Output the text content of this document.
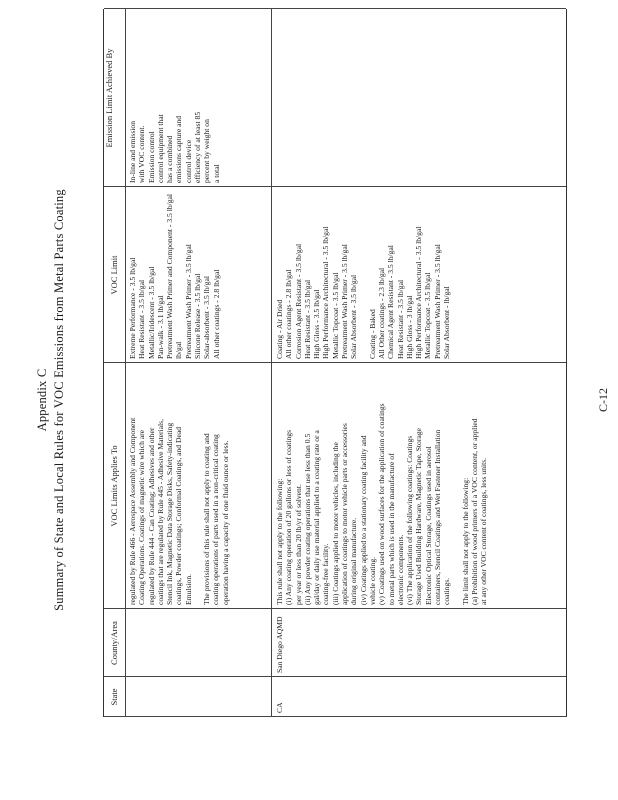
Appendix C Summary of State and Local Rules for VOC Emissions from Metal Parts Coating
State
County/Area
VOC Limits Applies To
VOC Limit
Emission Limit Achieved By

regulated by Rule 466 - Aerospace Assembly and Component Coating Operations. Coatings of magnetic wire which are regulated by Rule 444 - Can Coating; Adhesives and other coatings that are regulated by Rule 445 - Adhesive Materials, Stencil Ink, Magnetic Data Storage Disks, Safety-indicating coatings, Powder coatings; Conformal Coatings, and Dead Emulsion. The provisions of this rule shall not apply to coating and coating operations of parts used in a non-critical coating operation having a capacity of one fluid ounce or less.

Extreme Performance - 3.5 lb/gal Heat Resistant - 3.5 lb/gal Metallic/Iridescent - 3.5 lb/gal Pan-walk - 3.1 lb/gal Pretreatment Wash Primer and Component - 3.5 lb/gal lb/gal Pretreatment Wash Primer - 3.5 lb/gal Silicone Release - 3.5 lb/gal Solar-absorbent - 3.5 lb/gal All other coatings - 2.8 lb/gal

In-line and emission with VOC content. Emission control control equipment that has a combined emissions capture and control device efficiency of at least 85 percent by weight on a total

CA
San Diego AQMD

This rule shall not apply to the following: (i) Any coating operation of 20 gallons or less of coatings per year or less than 20 lb/yr of solvent. (ii) Any powder coating operations that use less than 0.5 gal/day or daily use material applied to a coating rate or a coating-free facility. (iii) Coatings applied to motor vehicles, including the application of coatings to motor vehicle parts or accessories during original manufacture. (iv) Coatings applied to a stationary coating facility and vehicle coating. (v) Coatings used on wood surfaces for the application of coatings to metal parts which is used in the manufacture of electronic components. (vi) The application of the following coatings: Coatings Storage Used Building Hardware, Magnetic Tape, Storage Electronic Optical Storage, Coatings used in aerosol containers, Stencil Coatings and Wet Fastener Installation coatings. The limit shall not apply to the following: (a) Prohibition of wood primers of a VOC content, or applied at any other VOC content of coatings, less units.

Coating - Air Dried All other coatings - 2.8 lb/gal Corrosion Agent Resistant - 3.5 lb/gal Heat Resistant - 3.5 lb/gal High Gloss - 3.5 lb/gal High Performance Architectural - 3.5 lb/gal Metallic Topcoat - 3.5 lb/gal Pretreatment Wash Primer - 3.5 lb/gal Solar Absorbent - 3.5 lb/gal Coating - Baked All Other coatings - 2.3 lb/gal Chemical Agent Resistant - 3.5 lb/gal Heat Resistant - 3.5 lb/gal High Gloss - 3 lb/gal High Performance Architectural - 3.5 lb/gal Metallic Topcoat - 3.5 lb/gal Pretreatment Wash Primer - 3.5 lb/gal Solar Absorbent - lb/gal

C-12
